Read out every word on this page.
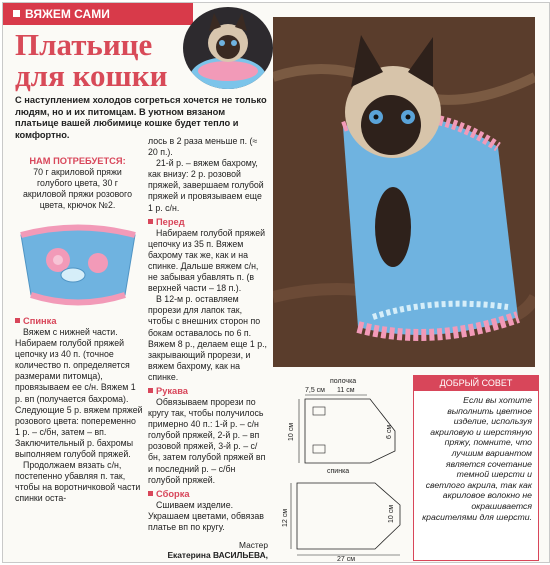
ВЯЖЕМ САМИ
Платьице
для кошки

С наступлением холодов согреться хочется не только людям, но и их питомцам. В уютном вязаном платьице вашей любимице кошке будет тепло и комфортно.

НАМ ПОТРЕБУЕТСЯ:

70 г акриловой пряжи голубого цвета, 30 г акриловой пряжи розового цвета, крючок №2.

Спинка

Вяжем с нижней части. Набираем голубой пряжей цепочку из 40 п. (точное количество п. определяется размерами питомца), провязываем ее с/н. Вяжем 1 р. вп (получается бахрома). Следующие 5 р. вяжем пряжей розового цвета: попеременно 1 р. – с/бн, затем – вп. Заключительный р. бахромы выполняем голубой пряжей.

Продолжаем вязать с/н, постепенно убавляя п. так, чтобы на воротничковой части спинки оста-

лось в 2 раза меньше п. (≈ 20 п.).

21-й р. – вяжем бахрому, как внизу: 2 р. розовой пряжей, завершаем голубой пряжей и провязываем еще 1 р. с/н.

Перед

Набираем голубой пряжей цепочку из 35 п. Вяжем бахрому так же, как и на спинке. Дальше вяжем с/н, не забывая убавлять п. (в верхней части – 18 п.).

В 12-м р. оставляем прорези для лапок так, чтобы с внешних сторон по бокам оставалось по 6 п. Вяжем 8 р., делаем еще 1 р., закрывающий прорези, и вяжем бахрому, как на спинке.

Рукава

Обвязываем прорези по кругу так, чтобы получилось примерно 40 п.: 1-й р. – с/н голубой пряжей, 2-й р. – вп розовой пряжей, 3-й р. – с/бн, затем голубой пряжей вп и последний р. – с/бн голубой пряжей.

Сборка

Сшиваем изделие. Украшаем цветами, обвязав платье вп по кругу.

Мастер
Екатерина ВАСИЛЬЕВА,
ДОБРЫЙ СОВЕТ
Если вы хотите выполнить цветное изделие, используя акриловую и шерстяную пряжу, помните, что лучшим вариантом является сочетание темной шерсти и светлого акрила, так как акриловое волокно не окрашивается красителями для шерсти.
полочка
7,5 см 11 см
10 см	6 см
спинка
12 см	10 см
27 см
